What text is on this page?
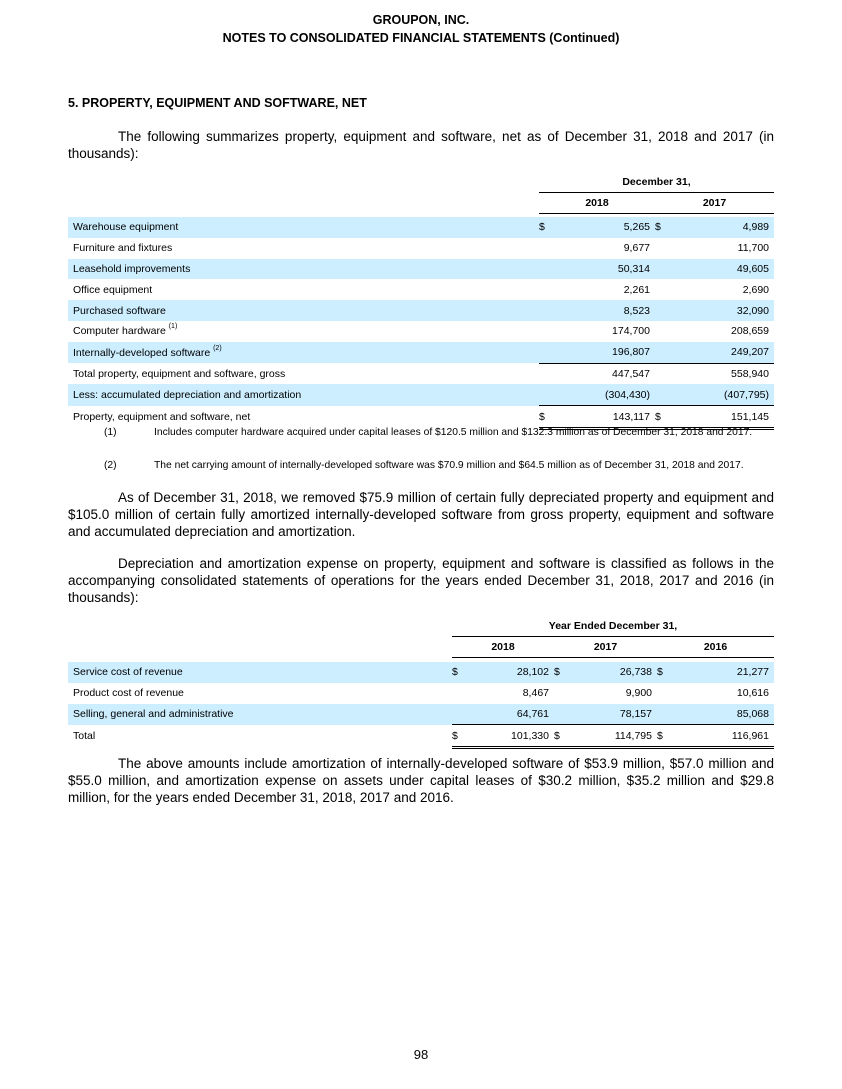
GROUPON, INC.
NOTES TO CONSOLIDATED FINANCIAL STATEMENTS (Continued)
5. PROPERTY, EQUIPMENT AND SOFTWARE, NET

The following summarizes property, equipment and software, net as of December 31, 2018 and 2017 (in thousands):

	December 31,			
	2018		2017	

Warehouse equipment	$	5,265	$	4,989
Furniture and fixtures		9,677		11,700
Leasehold improvements		50,314		49,605
Office equipment		2,261		2,690
Purchased software		8,523		32,090
Computer hardware $^{(1)}$		174,700		208,659
Internally-developed software $^{(2)}$		196,807		249,207
Total property, equipment and software, gross		447,547		558,940
Less: accumulated depreciation and amortization		(304,430)		(407,795)
Property, equipment and software, net	$	143,117	$	151,145
(1)	Includes computer hardware acquired under capital leases of $120.5 million and $132.3 million as of December 31, 2018 and 2017.
(2)	The net carrying amount of internally-developed software was $70.9 million and $64.5 million as of December 31, 2018 and 2017.

As of December 31, 2018, we removed $75.9 million of certain fully depreciated property and equipment and $105.0 million of certain fully amortized internally-developed software from gross property, equipment and software and accumulated depreciation and amortization.

Depreciation and amortization expense on property, equipment and software is classified as follows in the accompanying consolidated statements of operations for the years ended December 31, 2018, 2017 and 2016 (in thousands):

	Year Ended December 31,					
	2018		2017		2016	

Service cost of revenue	$	28,102	$	26,738	$	21,277
Product cost of revenue		8,467		9,900		10,616
Selling, general and administrative		64,761		78,157		85,068
Total	$	101,330	$	114,795	$	116,961

The above amounts include amortization of internally-developed software of $53.9 million, $57.0 million and $55.0 million, and amortization expense on assets under capital leases of $30.2 million, $35.2 million and $29.8 million, for the years ended December 31, 2018, 2017 and 2016.

98
